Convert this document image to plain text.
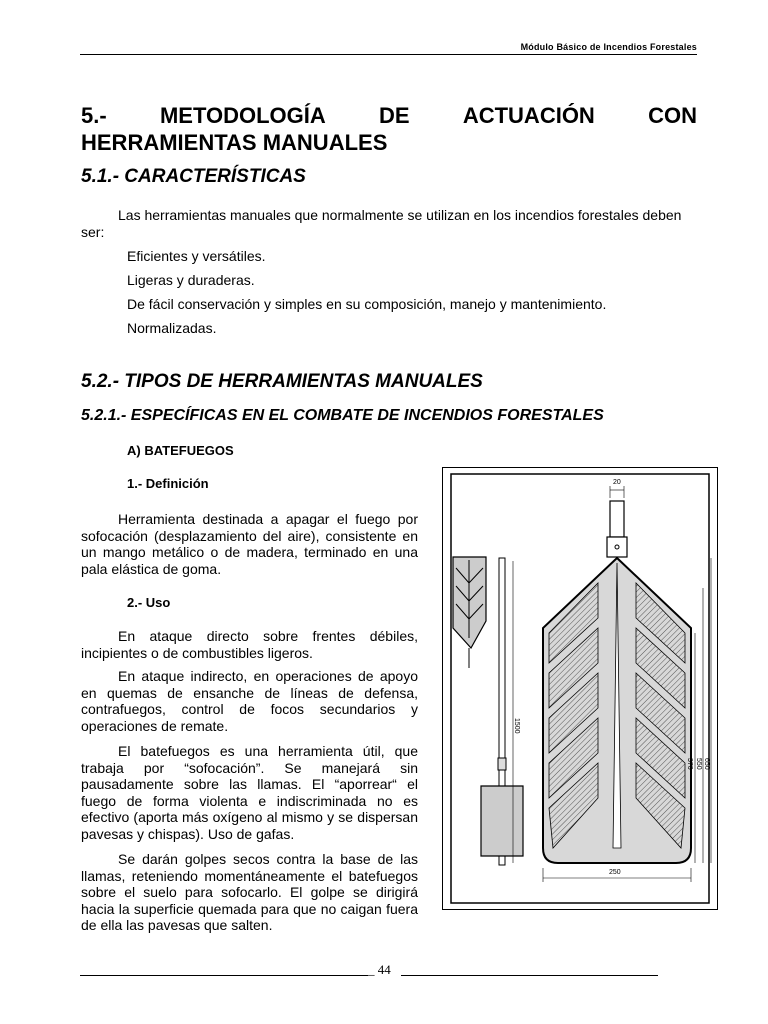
Módulo Básico de Incendios Forestales
5.- METODOLOGÍA DE ACTUACIÓN CON
HERRAMIENTAS MANUALES
5.1.- CARACTERÍSTICAS
Las herramientas manuales que normalmente se utilizan en los incendios forestales deben ser:
Eficientes y versátiles.
Ligeras y duraderas.
De fácil conservación y simples en su composición, manejo y mantenimiento.
Normalizadas.
5.2.- TIPOS DE HERRAMIENTAS MANUALES
5.2.1.- ESPECÍFICAS EN EL COMBATE DE INCENDIOS FORESTALES
A) BATEFUEGOS
1.- Definición
Herramienta destinada a apagar el fuego por sofocación (desplazamiento del aire), consistente en un mango metálico o de madera, terminado en una pala elástica de goma.
2.- Uso
En ataque directo sobre frentes débiles, incipientes o de combustibles ligeros.
En ataque indirecto, en operaciones de apoyo en quemas de ensanche de líneas de defensa, contrafuegos, control de focos secundarios y operaciones de remate.
El batefuegos es una herramienta útil, que trabaja por “sofocación”. Se manejará sin pausadamente sobre las llamas. El “aporrear“ el fuego de forma violenta e indiscriminada no es efectivo (aporta más oxígeno al mismo y se dispersan pavesas y chispas). Uso de gafas.
Se darán golpes secos contra la base de las llamas, reteniendo momentáneamente el batefuegos sobre el suelo para sofocarlo. El golpe se dirigirá hacia la superficie quemada para que no caigan fuera de ella las pavesas que salten.
1500
20
370 550 650
250
_ 44
